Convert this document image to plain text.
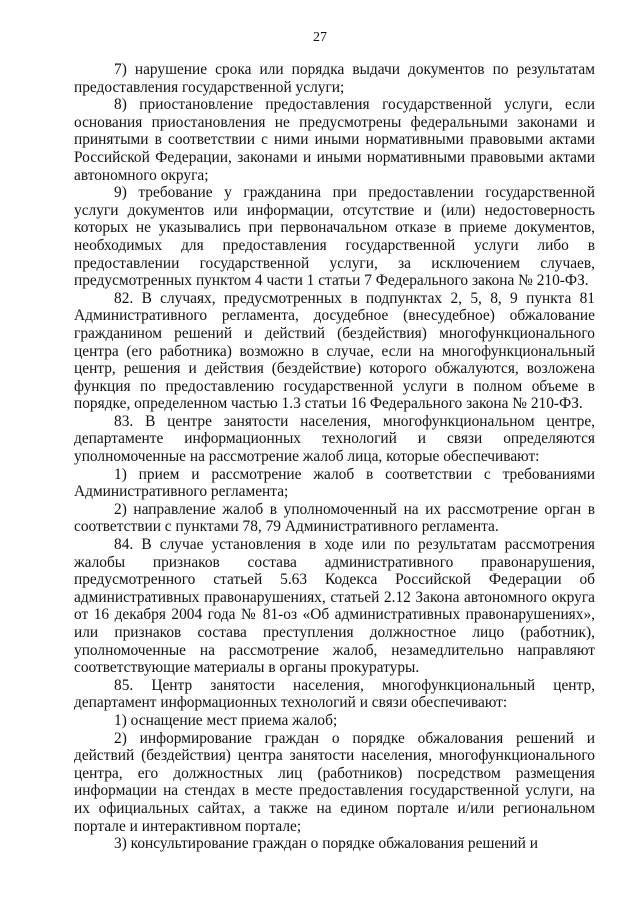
27

7) нарушение срока или порядка выдачи документов по результатам предоставления государственной услуги;

8) приостановление предоставления государственной услуги, если основания приостановления не предусмотрены федеральными законами и принятыми в соответствии с ними иными нормативными правовыми актами Российской Федерации, законами и иными нормативными правовыми актами автономного округа;

9) требование у гражданина при предоставлении государственной услуги документов или информации, отсутствие и (или) недостоверность которых не указывались при первоначальном отказе в приеме документов, необходимых для предоставления государственной услуги либо в предоставлении государственной услуги, за исключением случаев, предусмотренных пунктом 4 части 1 статьи 7 Федерального закона № 210-ФЗ.

82. В случаях, предусмотренных в подпунктах 2, 5, 8, 9 пункта 81 Административного регламента, досудебное (внесудебное) обжалование гражданином решений и действий (бездействия) многофункционального центра (его работника) возможно в случае, если на многофункциональный центр, решения и действия (бездействие) которого обжалуются, возложена функция по предоставлению государственной услуги в полном объеме в порядке, определенном частью 1.3 статьи 16 Федерального закона № 210-ФЗ.

83. В центре занятости населения, многофункциональном центре, департаменте информационных технологий и связи определяются уполномоченные на рассмотрение жалоб лица, которые обеспечивают:

1) прием и рассмотрение жалоб в соответствии с требованиями Административного регламента;

2) направление жалоб в уполномоченный на их рассмотрение орган в соответствии с пунктами 78, 79 Административного регламента.

84. В случае установления в ходе или по результатам рассмотрения жалобы признаков состава административного правонарушения, предусмотренного статьей 5.63 Кодекса Российской Федерации об административных правонарушениях, статьей 2.12 Закона автономного округа от 16 декабря 2004 года № 81-оз «Об административных правонарушениях», или признаков состава преступления должностное лицо (работник), уполномоченные на рассмотрение жалоб, незамедлительно направляют соответствующие материалы в органы прокуратуры.

85. Центр занятости населения, многофункциональный центр, департамент информационных технологий и связи обеспечивают:

1) оснащение мест приема жалоб;

2) информирование граждан о порядке обжалования решений и действий (бездействия) центра занятости населения, многофункционального центра, его должностных лиц (работников) посредством размещения информации на стендах в месте предоставления государственной услуги, на их официальных сайтах, а также на едином портале и/или региональном портале и интерактивном портале;

3) консультирование граждан о порядке обжалования решений и
